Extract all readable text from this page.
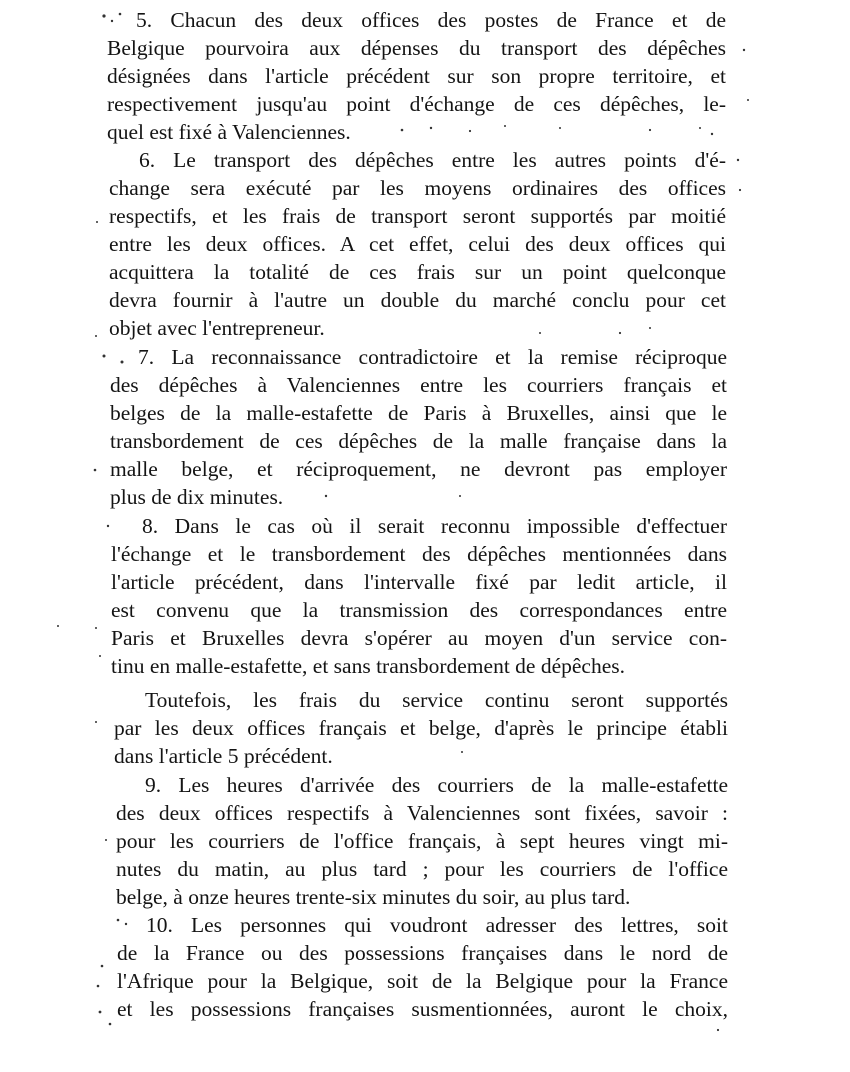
5. Chacun des deux offices des postes de France et de
Belgique pourvoira aux dépenses du transport des dépêches
désignées dans l'article précédent sur son propre territoire, et
respectivement jusqu'au point d'échange de ces dépêches, le-
quel est fixé à Valenciennes.
6. Le transport des dépêches entre les autres points d'é-
change sera exécuté par les moyens ordinaires des offices
respectifs, et les frais de transport seront supportés par moitié
entre les deux offices. A cet effet, celui des deux offices qui
acquittera la totalité de ces frais sur un point quelconque
devra fournir à l'autre un double du marché conclu pour cet
objet avec l'entrepreneur.
7. La reconnaissance contradictoire et la remise réciproque
des dépêches à Valenciennes entre les courriers français et
belges de la malle-estafette de Paris à Bruxelles, ainsi que le
transbordement de ces dépêches de la malle française dans la
malle belge, et réciproquement, ne devront pas employer
plus de dix minutes.
8. Dans le cas où il serait reconnu impossible d'effectuer
l'échange et le transbordement des dépêches mentionnées dans
l'article précédent, dans l'intervalle fixé par ledit article, il
est convenu que la transmission des correspondances entre
Paris et Bruxelles devra s'opérer au moyen d'un service con-
tinu en malle-estafette, et sans transbordement de dépêches.
Toutefois, les frais du service continu seront supportés
par les deux offices français et belge, d'après le principe établi
dans l'article 5 précédent.
9. Les heures d'arrivée des courriers de la malle-estafette
des deux offices respectifs à Valenciennes sont fixées, savoir :
pour les courriers de l'office français, à sept heures vingt mi-
nutes du matin, au plus tard ; pour les courriers de l'office
belge, à onze heures trente-six minutes du soir, au plus tard.
10. Les personnes qui voudront adresser des lettres, soit
de la France ou des possessions françaises dans le nord de
l'Afrique pour la Belgique, soit de la Belgique pour la France
et les possessions françaises susmentionnées, auront le choix,
